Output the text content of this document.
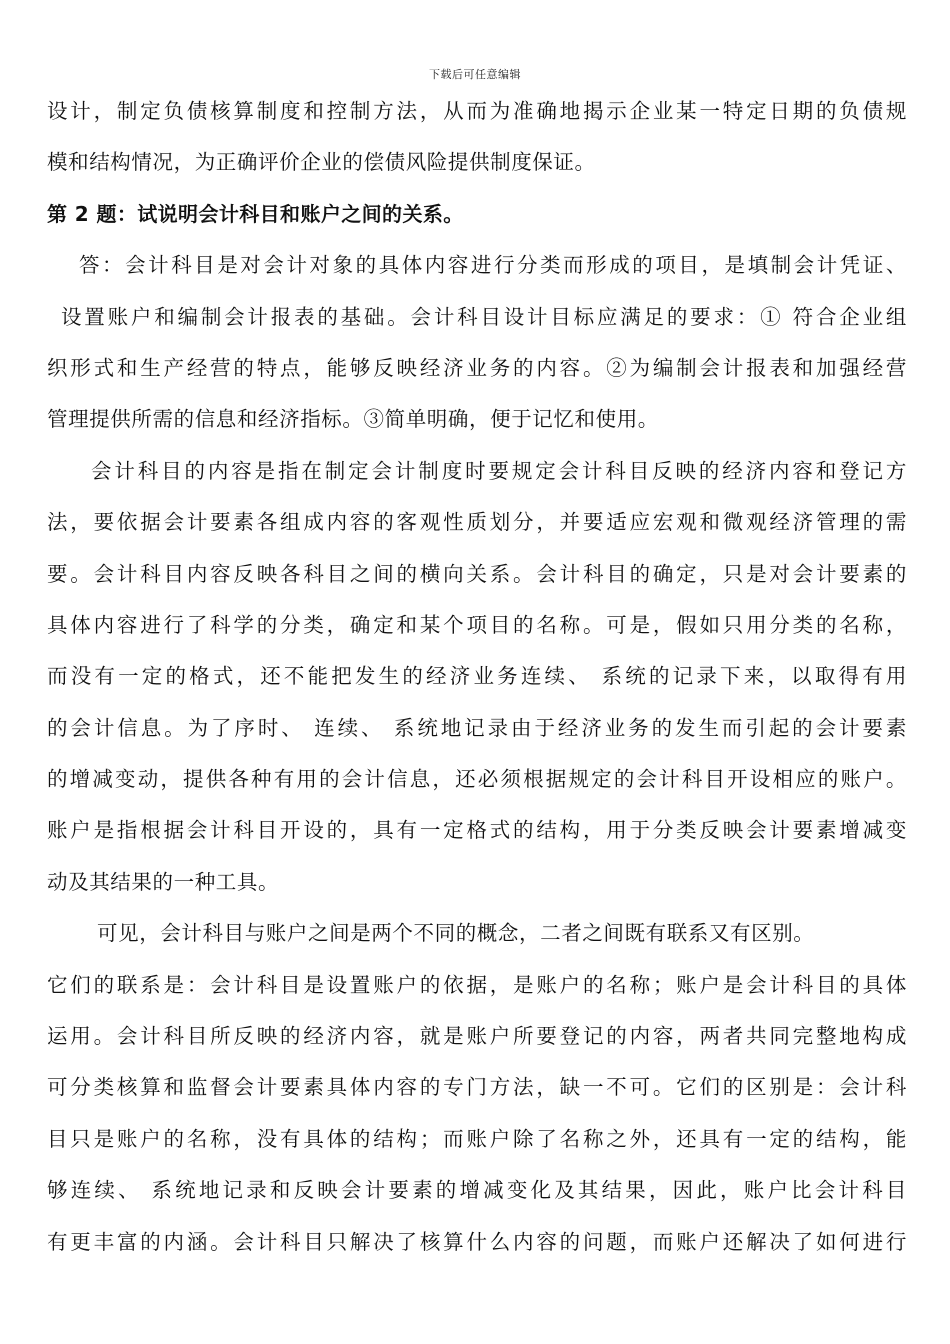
下载后可任意编辑
设计，制定负债核算制度和控制方法，从而为准确地揭示企业某一特定日期的负债规
模和结构情况，为正确评价企业的偿债风险提供制度保证。
第 2 题：试说明会计科目和账户之间的关系。
答：会计科目是对会计对象的具体内容进行分类而形成的项目，是填制会计凭证、
设置账户和编制会计报表的基础。会计科目设计目标应满足的要求：① 符合企业组
织形式和生产经营的特点，能够反映经济业务的内容。②为编制会计报表和加强经营
管理提供所需的信息和经济指标。③简单明确，便于记忆和使用。
会计科目的内容是指在制定会计制度时要规定会计科目反映的经济内容和登记方
法，要依据会计要素各组成内容的客观性质划分，并要适应宏观和微观经济管理的需
要。会计科目内容反映各科目之间的横向关系。会计科目的确定，只是对会计要素的
具体内容进行了科学的分类，确定和某个项目的名称。可是，假如只用分类的名称，
而没有一定的格式，还不能把发生的经济业务连续、 系统的记录下来，以取得有用
的会计信息。为了序时、 连续、 系统地记录由于经济业务的发生而引起的会计要素
的增减变动，提供各种有用的会计信息，还必须根据规定的会计科目开设相应的账户。
账户是指根据会计科目开设的，具有一定格式的结构，用于分类反映会计要素增减变
动及其结果的一种工具。
可见，会计科目与账户之间是两个不同的概念，二者之间既有联系又有区别。
它们的联系是：会计科目是设置账户的依据，是账户的名称；账户是会计科目的具体
运用。会计科目所反映的经济内容，就是账户所要登记的内容，两者共同完整地构成
可分类核算和监督会计要素具体内容的专门方法，缺一不可。它们的区别是：会计科
目只是账户的名称，没有具体的结构；而账户除了名称之外，还具有一定的结构，能
够连续、 系统地记录和反映会计要素的增减变化及其结果，因此，账户比会计科目
有更丰富的内涵。会计科目只解决了核算什么内容的问题，而账户还解决了如何进行
